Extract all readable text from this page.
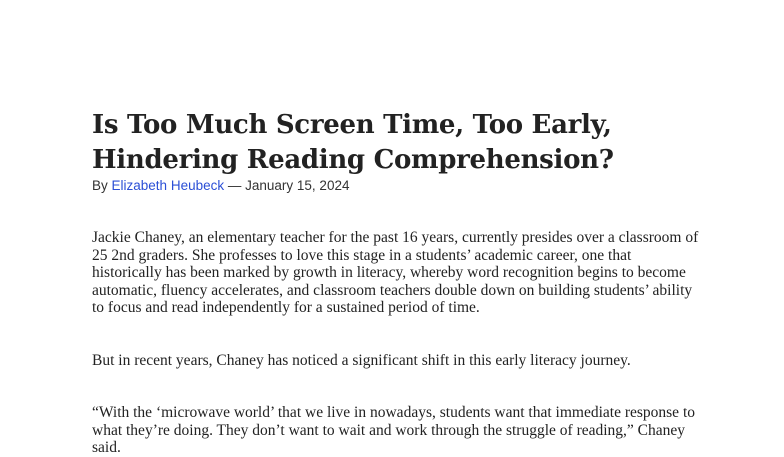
Is Too Much Screen Time, Too Early, Hindering Reading Comprehension?

By Elizabeth Heubeck — January 15, 2024

Jackie Chaney, an elementary teacher for the past 16 years, currently presides over a classroom of 25 2nd graders. She professes to love this stage in a students’ academic career, one that historically has been marked by growth in literacy, whereby word recognition begins to become automatic, fluency accelerates, and classroom teachers double down on building students’ ability to focus and read independently for a sustained period of time.

But in recent years, Chaney has noticed a significant shift in this early literacy journey.

“With the ‘microwave world’ that we live in nowadays, students want that immediate response to what they’re doing. They don’t want to wait and work through the struggle of reading,” Chaney said.
